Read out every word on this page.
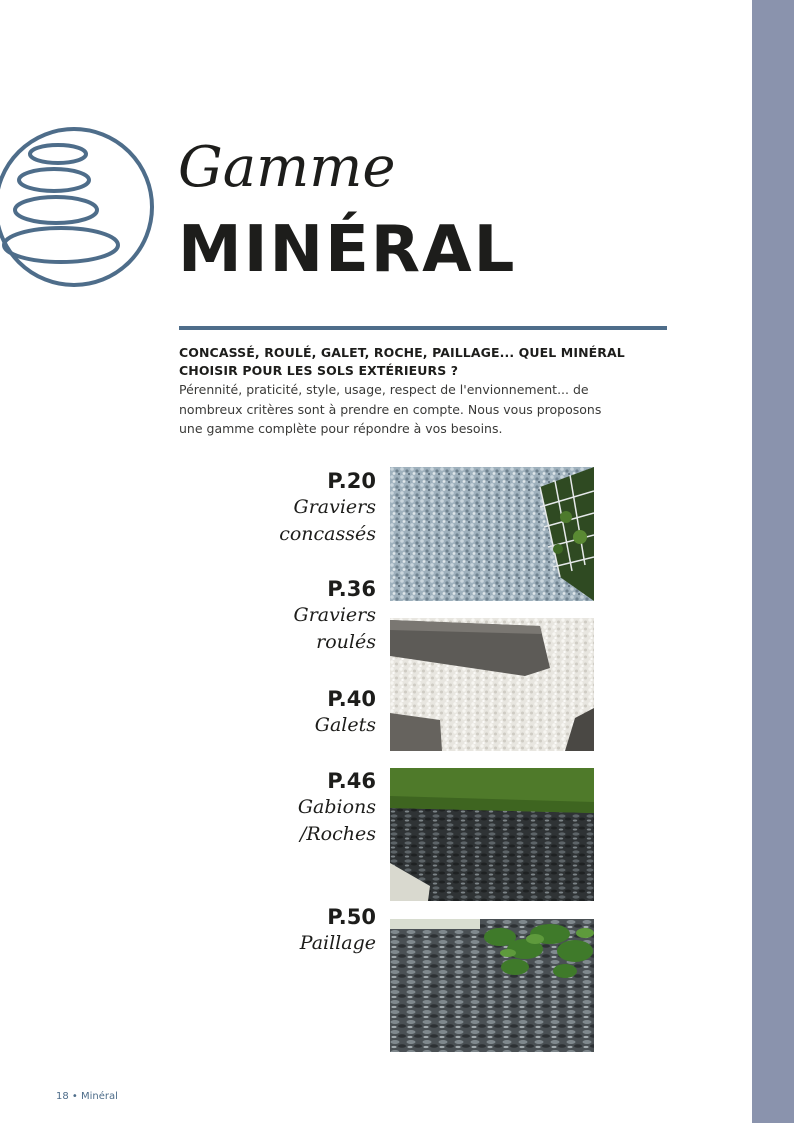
Gamme
MINÉRAL
CONCASSÉ, ROULÉ, GALET, ROCHE, PAILLAGE... QUEL MINÉRAL
CHOISIR POUR LES SOLS EXTÉRIEURS ?
Pérennité, praticité, style, usage, respect de l'envionnement... de
nombreux critères sont à prendre en compte. Nous vous proposons
une gamme complète pour répondre à vos besoins.
P.20
Graviers
concassés
P.36
Graviers
roulés
P.40
Galets
P.46
Gabions
/Roches
P.50
Paillage
18 • Minéral
